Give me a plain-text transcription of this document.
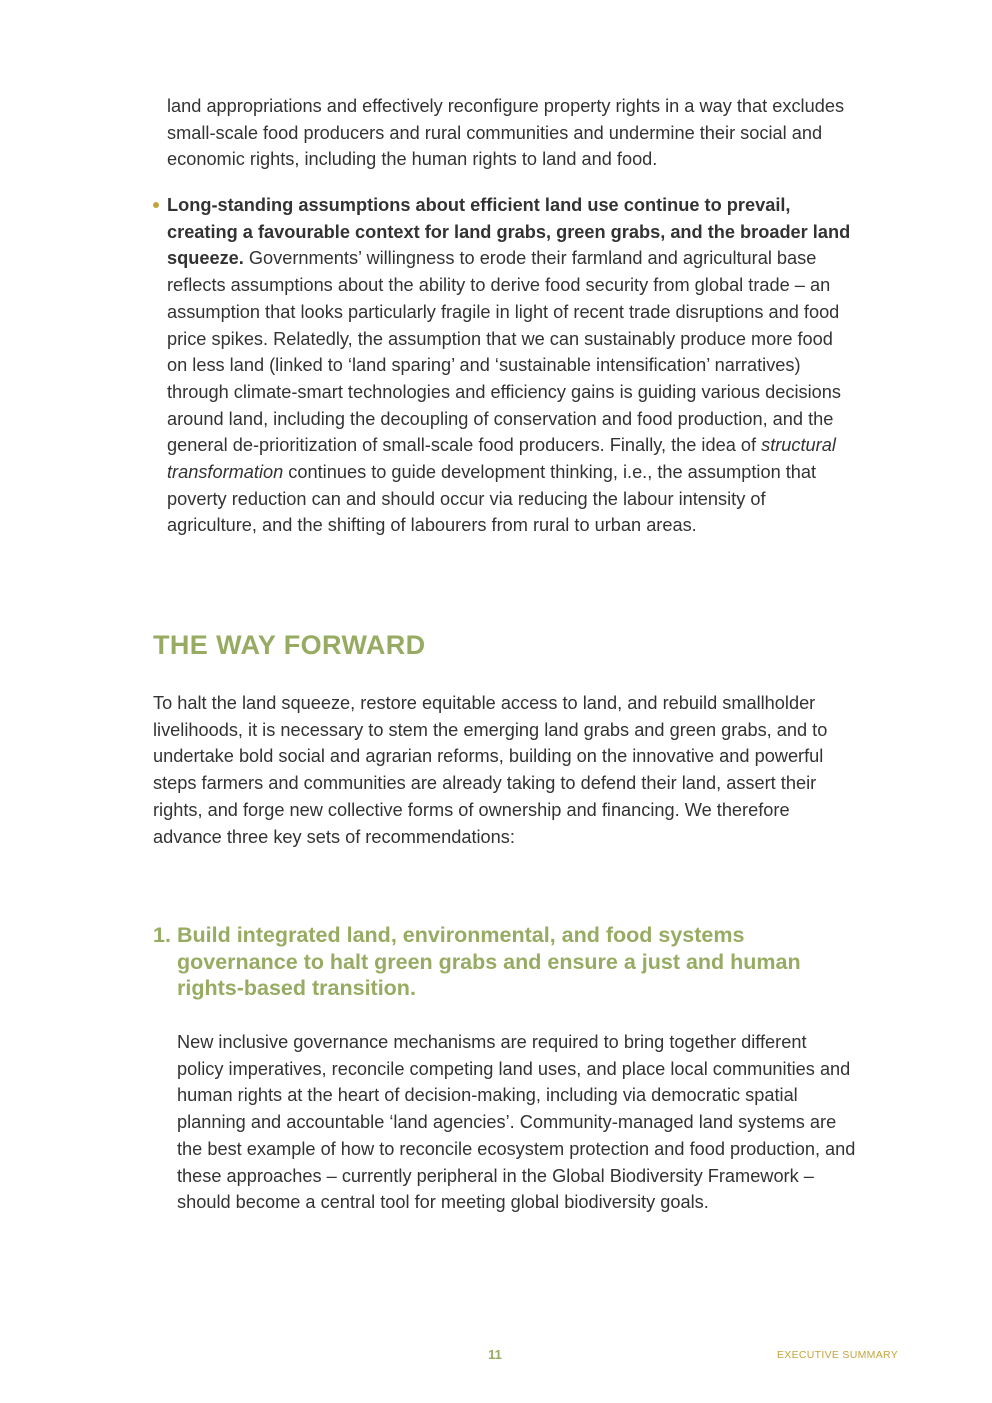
land appropriations and effectively reconfigure property rights in a way that excludes small-scale food producers and rural communities and undermine their social and economic rights, including the human rights to land and food.

Long-standing assumptions about efficient land use continue to prevail, creating a favourable context for land grabs, green grabs, and the broader land squeeze. Governments’ willingness to erode their farmland and agricultural base reflects assumptions about the ability to derive food security from global trade – an assumption that looks particularly fragile in light of recent trade disruptions and food price spikes. Relatedly, the assumption that we can sustainably produce more food on less land (linked to ‘land sparing’ and ‘sustainable intensification’ narratives) through climate-smart technologies and efficiency gains is guiding various decisions around land, including the decoupling of conservation and food production, and the general de-prioritization of small-scale food producers. Finally, the idea of structural transformation continues to guide development thinking, i.e., the assumption that poverty reduction can and should occur via reducing the labour intensity of agriculture, and the shifting of labourers from rural to urban areas.

THE WAY FORWARD

To halt the land squeeze, restore equitable access to land, and rebuild smallholder livelihoods, it is necessary to stem the emerging land grabs and green grabs, and to undertake bold social and agrarian reforms, building on the innovative and powerful steps farmers and communities are already taking to defend their land, assert their rights, and forge new collective forms of ownership and financing. We therefore advance three key sets of recommendations:

1. Build integrated land, environmental, and food systems governance to halt green grabs and ensure a just and human rights-based transition.

New inclusive governance mechanisms are required to bring together different policy imperatives, reconcile competing land uses, and place local communities and human rights at the heart of decision-making, including via democratic spatial planning and accountable ‘land agencies’. Community-managed land systems are the best example of how to reconcile ecosystem protection and food production, and these approaches – currently peripheral in the Global Biodiversity Framework – should become a central tool for meeting global biodiversity goals.

11	EXECUTIVE SUMMARY
